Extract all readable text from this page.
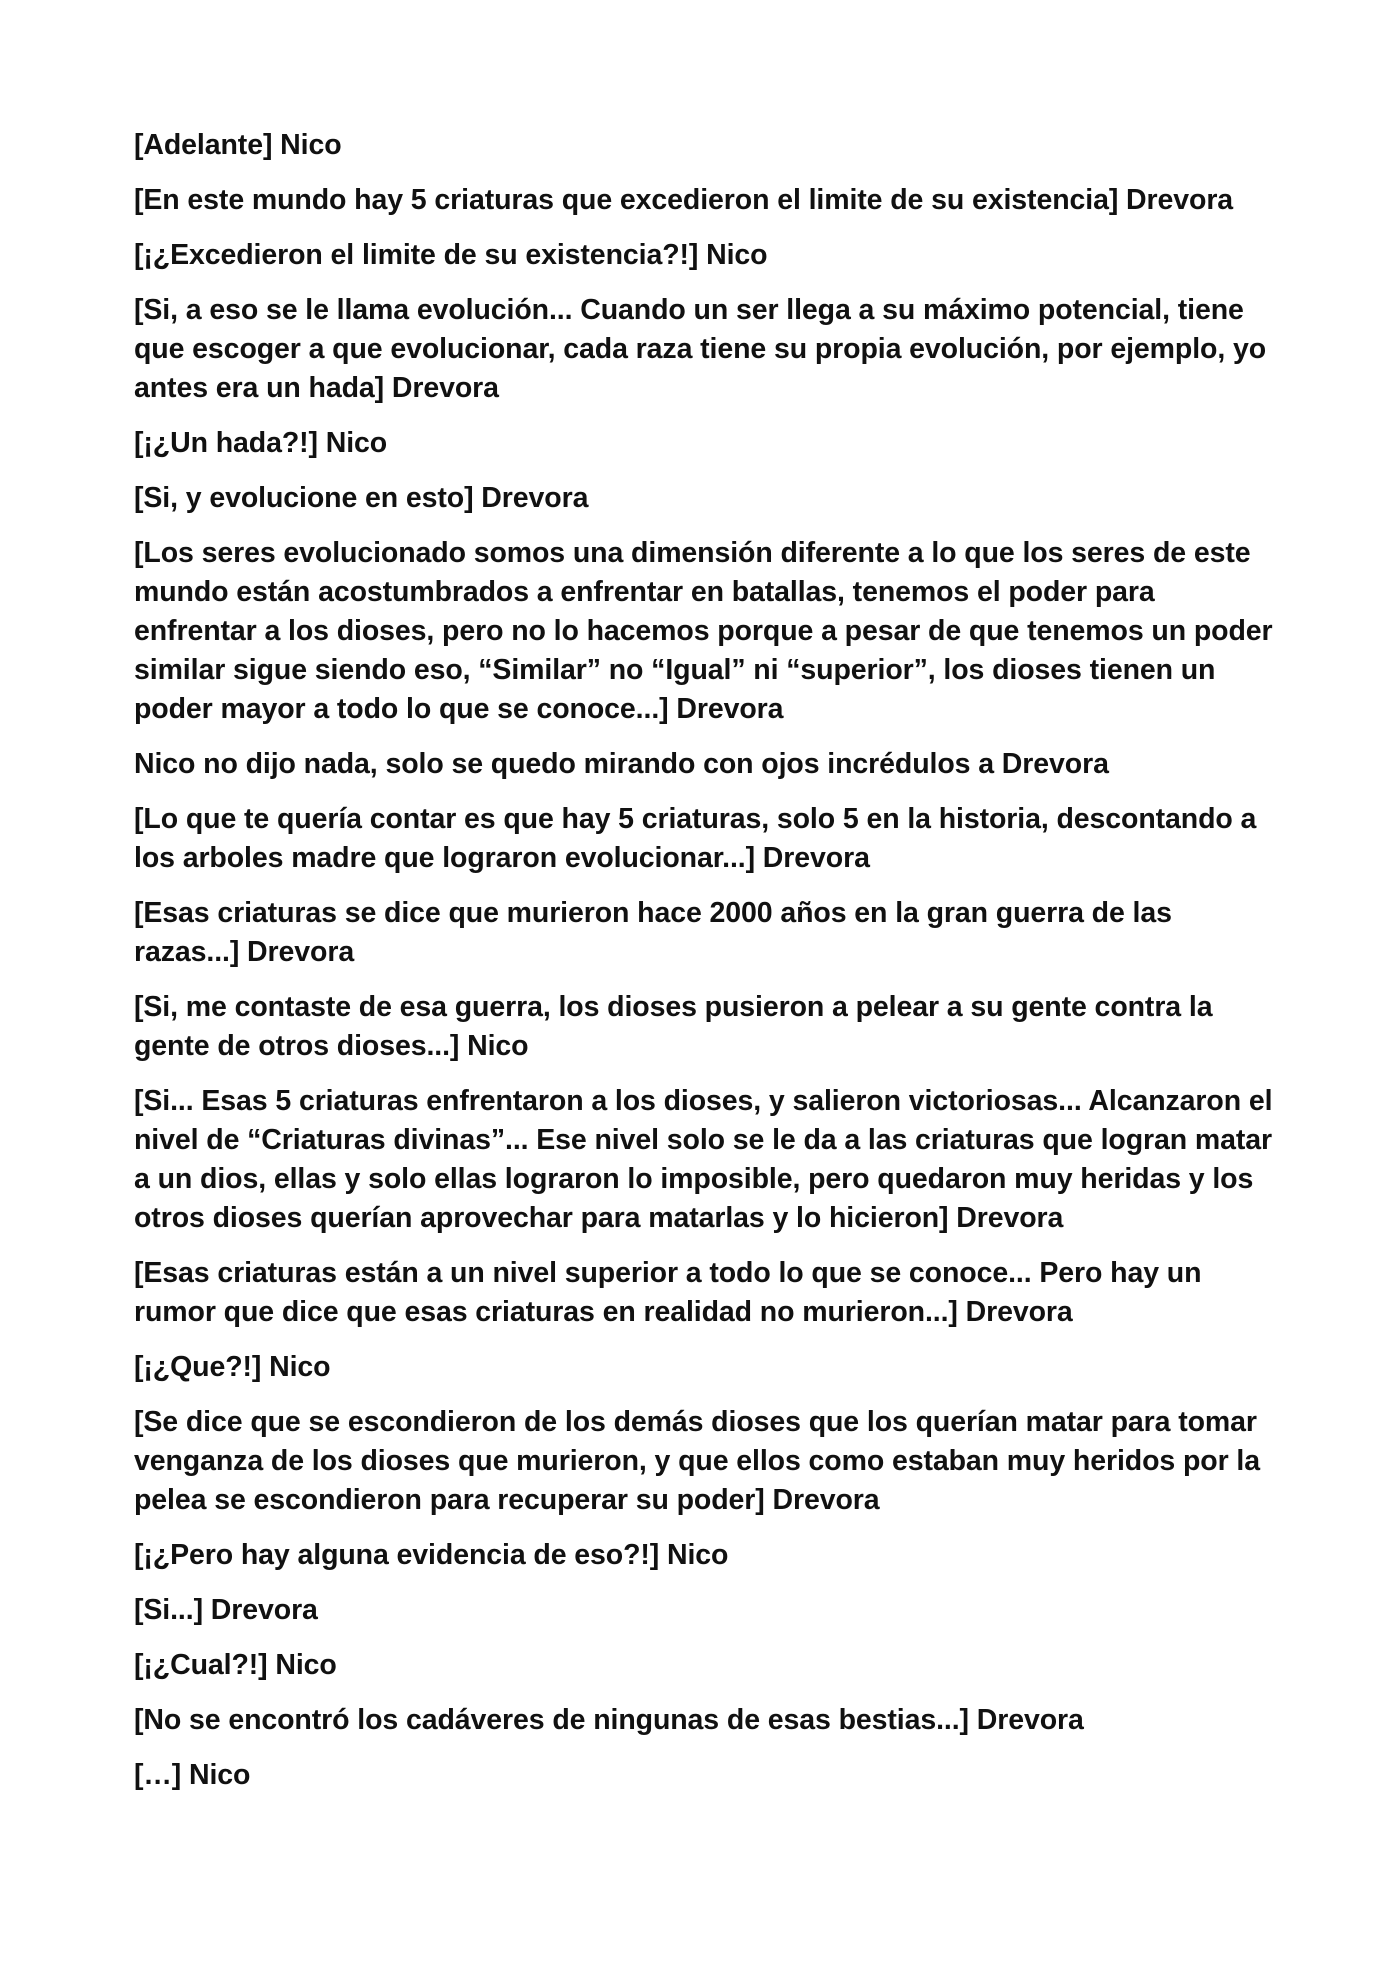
[Adelante] Nico

[En este mundo hay 5 criaturas que excedieron el limite de su existencia] Drevora

[¡¿Excedieron el limite de su existencia?!] Nico

[Si, a eso se le llama evolución... Cuando un ser llega a su máximo potencial, tiene que escoger a que evolucionar, cada raza tiene su propia evolución, por ejemplo, yo antes era un hada] Drevora

[¡¿Un hada?!] Nico

[Si, y evolucione en esto] Drevora

[Los seres evolucionado somos una dimensión diferente a lo que los seres de este mundo están acostumbrados a enfrentar en batallas, tenemos el poder para enfrentar a los dioses, pero no lo hacemos porque a pesar de que tenemos un poder similar sigue siendo eso, “Similar” no “Igual” ni “superior”, los dioses tienen un poder mayor a todo lo que se conoce...] Drevora

Nico no dijo nada, solo se quedo mirando con ojos incrédulos a Drevora

[Lo que te quería contar es que hay 5 criaturas, solo 5 en la historia, descontando a los arboles madre que lograron evolucionar...] Drevora

[Esas criaturas se dice que murieron hace 2000 años en la gran guerra de las razas...] Drevora

[Si, me contaste de esa guerra, los dioses pusieron a pelear a su gente contra la gente de otros dioses...] Nico

[Si... Esas 5 criaturas enfrentaron a los dioses, y salieron victoriosas... Alcanzaron el nivel de “Criaturas divinas”... Ese nivel solo se le da a las criaturas que logran matar a un dios, ellas y solo ellas lograron lo imposible, pero quedaron muy heridas y los otros dioses querían aprovechar para matarlas y lo hicieron] Drevora

[Esas criaturas están a un nivel superior a todo lo que se conoce... Pero hay un rumor que dice que esas criaturas en realidad no murieron...] Drevora

[¡¿Que?!] Nico

[Se dice que se escondieron de los demás dioses que los querían matar para tomar venganza de los dioses que murieron, y que ellos como estaban muy heridos por la pelea se escondieron para recuperar su poder] Drevora

[¡¿Pero hay alguna evidencia de eso?!] Nico

[Si...] Drevora

[¡¿Cual?!] Nico

[No se encontró los cadáveres de ningunas de esas bestias...] Drevora

[…] Nico
